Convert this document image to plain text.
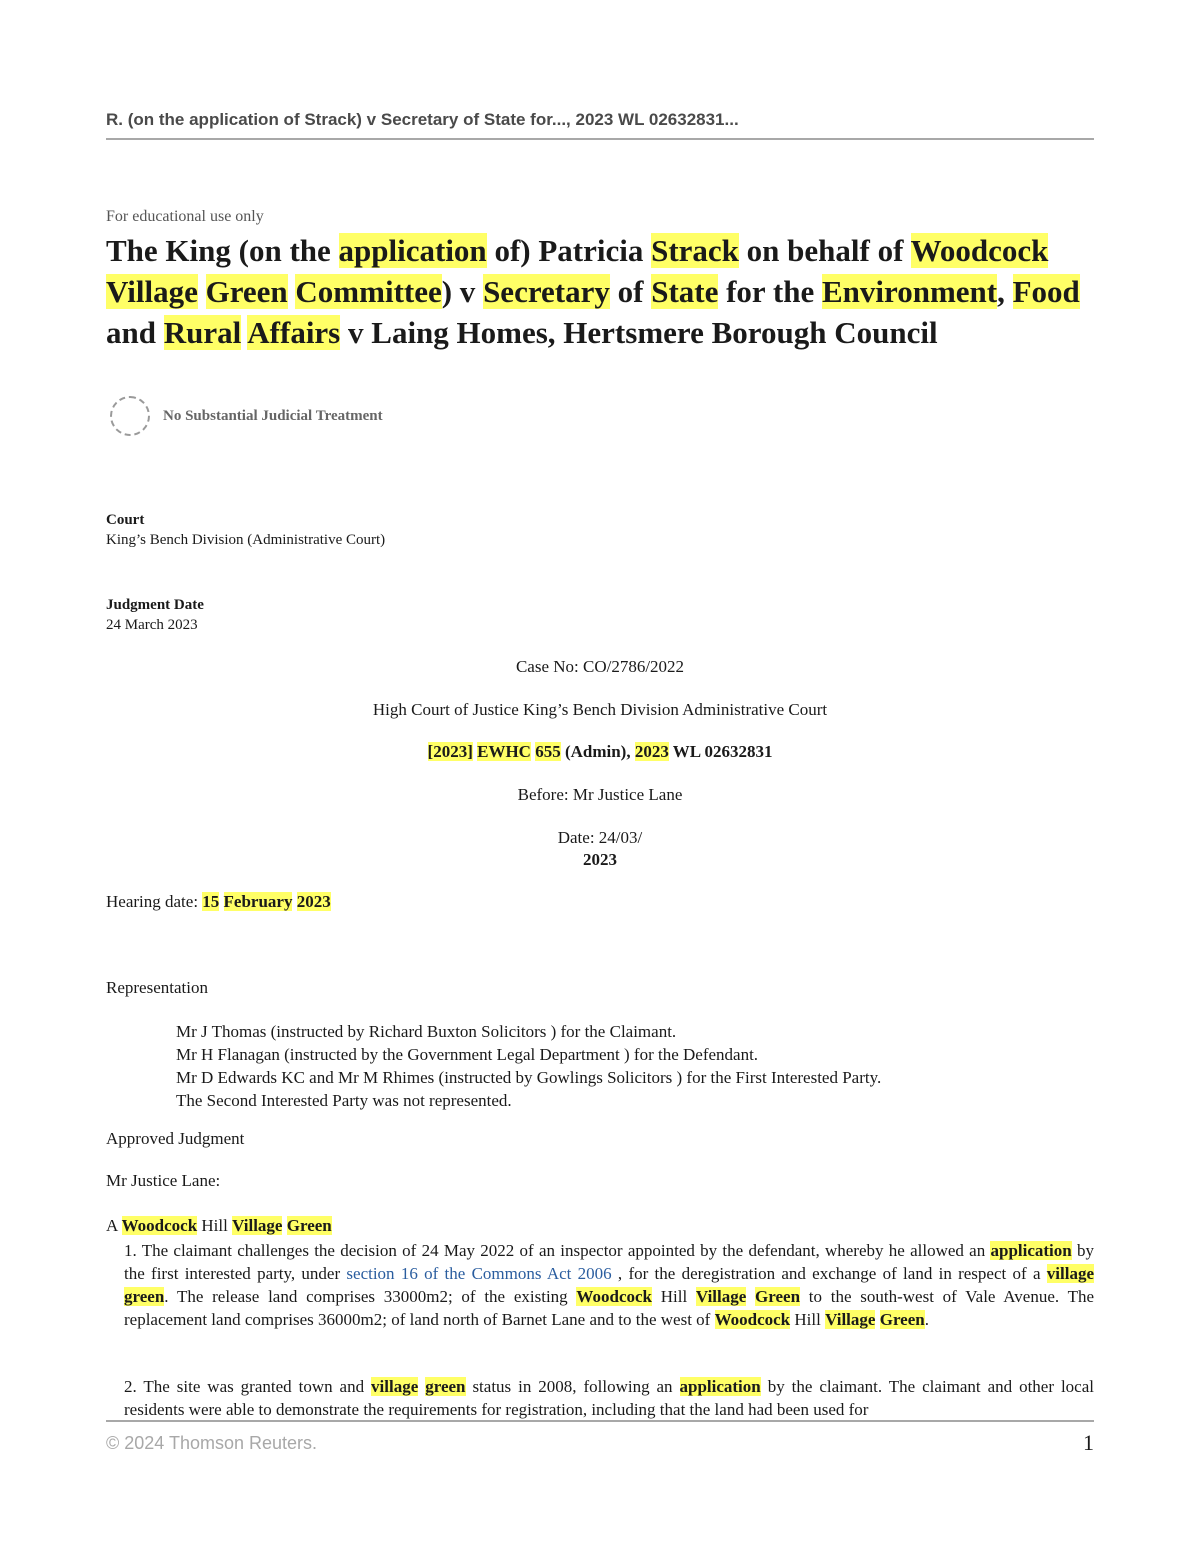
R. (on the application of Strack) v Secretary of State for..., 2023 WL 02632831...
For educational use only
The King (on the application of) Patricia Strack on behalf of Woodcock Village Green Committee) v Secretary of State for the Environment, Food and Rural Affairs v Laing Homes, Hertsmere Borough Council
No Substantial Judicial Treatment
Court
King’s Bench Division (Administrative Court)
Judgment Date
24 March 2023
Case No: CO/2786/2022
High Court of Justice King’s Bench Division Administrative Court
[2023] EWHC 655 (Admin), 2023 WL 02632831
Before: Mr Justice Lane
Date: 24/03/
2023
Hearing date: 15 February 2023
Representation
Mr J Thomas (instructed by Richard Buxton Solicitors ) for the Claimant.
Mr H Flanagan (instructed by the Government Legal Department ) for the Defendant.
Mr D Edwards KC and Mr M Rhimes (instructed by Gowlings Solicitors ) for the First Interested Party.
The Second Interested Party was not represented.
Approved Judgment
Mr Justice Lane:
A Woodcock Hill Village Green

1. The claimant challenges the decision of 24 May 2022 of an inspector appointed by the defendant, whereby he allowed an application by the first interested party, under section 16 of the Commons Act 2006 , for the deregistration and exchange of land in respect of a village green. The release land comprises 33000m2; of the existing Woodcock Hill Village Green to the south-west of Vale Avenue. The replacement land comprises 36000m2; of land north of Barnet Lane and to the west of Woodcock Hill Village Green.

2. The site was granted town and village green status in 2008, following an application by the claimant. The claimant and other local residents were able to demonstrate the requirements for registration, including that the land had been used for

© 2024 Thomson Reuters.	1
